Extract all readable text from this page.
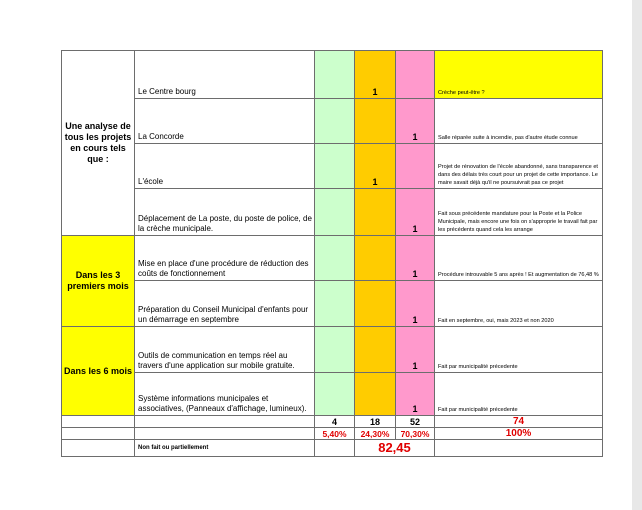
Une analyse de tous les projets en cours tels que :	Le Centre bourg		1		Crèche peut-être ?
	La Concorde			1	Salle réparée suite à incendie, pas d'autre étude connue
	L'école		1		Projet de rénovation de l'école abandonné, sans transparence et dans des délais très court pour un projet de cette importance. Le maire savait déjà qu'il ne poursuivrait pas ce projet
	Déplacement de La poste, du poste de police, de la crèche municipale.			1	Fait sous précédente mandature pour la Poste et la Police Municipale, mais encore une fois on s'approprie le travail fait par les précédents quand cela les arrange
Dans les 3 premiers mois	Mise en place d'une procédure de réduction des coûts de fonctionnement			1	Procédure introuvable 5 ans après ! Et augmentation de 76,48 %
	Préparation du Conseil Municipal d'enfants pour un démarrage en septembre			1	Fait en septembre, oui, mais 2023 et non 2020
Dans les 6 mois	Outils de communication en temps réel au travers d'une application sur mobile gratuite.			1	Fait par municipalité précedente
	Système informations municipales et associatives, (Panneaux d'affichage, lumineux).			1	Fait par municipalité précedente
		4	18	52	74
		5,40%	24,30%	70,30%	100%
	Non fait ou partiellement		82,45		
